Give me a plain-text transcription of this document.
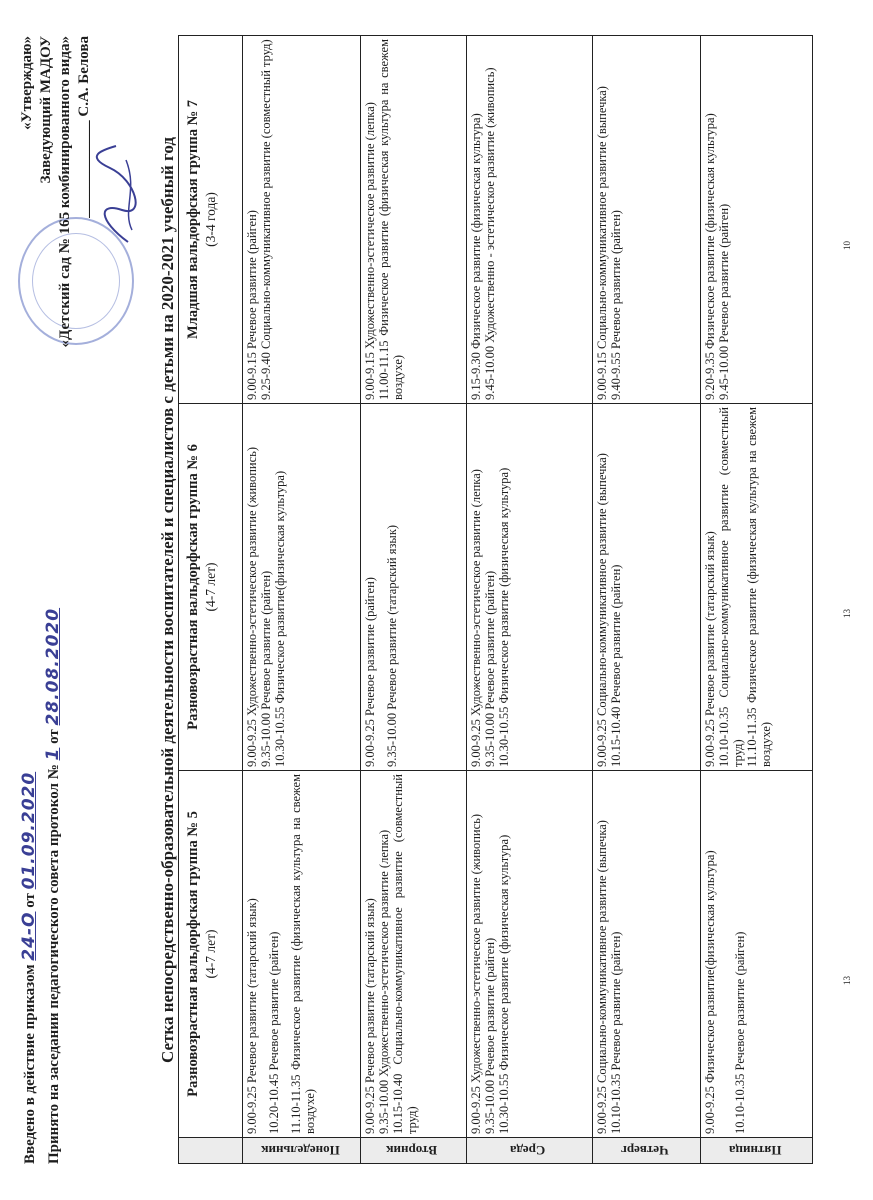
Введено в действие приказом 24-О от 01.09.2020 Принято на заседании педагогического совета протокол № 1 от 28.08.2020
«Утверждаю» Заведующий МАДОУ «Детский сад № 165 комбинированного вида» _____________ С.А. Белова
Сетка непосредственно-образовательной деятельности воспитателей и специалистов с детьми на 2020-2021 учебный год
	Разновозрастная вальдорфская группа № 5 (4-7 лет)	Разновозрастная вальдорфская группа № 6 (4-7 лет)	Младшая вальдорфская группа № 7 (3-4 года)

Понедельник	9.00-9.25 Речевое развитие (татарский язык) 10.20-10.45 Речевое развитие (райген) 11.10-11.35 Физическое развитие (физическая культура на свежем воздухе)	9.00-9.25 Художественно-эстетическое развитие (живопись) 9.35-10.00 Речевое развитие (райген) 10.30-10.55 Физическое развитие(физическая культура)	9.00-9.15 Речевое развитие (райген) 9.25-9.40 Социально-коммуникативное развитие (совместный труд)

Вторник	9.00-9.25 Речевое развитие (татарский язык) 9.35-10.00 Художественно-эстетическое развитие (лепка) 10.15-10.40 Социально-коммуникативное развитие (совместный труд)	9.00-9.25 Речевое развитие (райген) 9.35-10.00 Речевое развитие (татарский язык)	9.00-9.15 Художественно-эстетическое развитие (лепка) 11.00-11.15 Физическое развитие (физическая культура на свежем воздухе)

Среда	9.00-9.25 Художественно-эстетическое развитие (живопись) 9.35-10.00 Речевое развитие (райген) 10.30-10.55 Физическое развитие (физическая культура)	9.00-9.25 Художественно-эстетическое развитие (лепка) 9.35-10.00 Речевое развитие (райген) 10.30-10.55 Физическое развитие (физическая культура)	9.15-9.30 Физическое развитие (физическая культура) 9.45-10.00 Художественно - эстетическое развитие (живопись)

Четверг	9.00-9.25 Социально-коммуникативное развитие (выпечка) 10.10-10.35 Речевое развитие (райген)	9.00-9.25 Социально-коммуникативное развитие (выпечка) 10.15-10.40 Речевое развитие (райген)	9.00-9.15 Социально-коммуникативное развитие (выпечка) 9.40-9.55 Речевое развитие (райген)

Пятница	9.00-9.25 Физическое развитие(физическая культура) 10.10-10.35 Речевое развитие (райген)	9.00-9.25 Речевое развитие (татарский язык) 10.10-10.35 Социально-коммуникативное развитие (совместный труд) 11.10-11.35 Физическое развитие (физическая культура на свежем воздухе)	9.20-9.35 Физическое развитие (физическая культура) 9.45-10.00 Речевое развитие (райген)
13
13
10
